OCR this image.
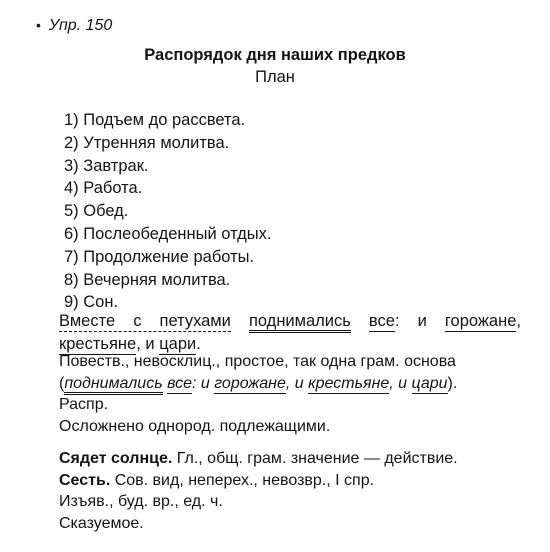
• Упр. 150
Распорядок дня наших предков
План
1) Подъем до рассвета.
2) Утренняя молитва.
3) Завтрак.
4) Работа.
5) Обед.
6) Послеобеденный отдых.
7) Продолжение работы.
8) Вечерняя молитва.
9) Сон.
Вместе с петухами поднимались все: и горожане, крестьяне, и цари.
Повеств., невосклиц., простое, так одна грам. основа
(поднимались все: и горожане, и крестьяне, и цари).
Распр.
Осложнено однород. подлежащими.
Сядет солнце. Гл., общ. грам. значение — действие.
Сесть. Сов. вид, неперех., невозвр., I спр.
Изъяв., буд. вр., ед. ч.
Сказуемое.
